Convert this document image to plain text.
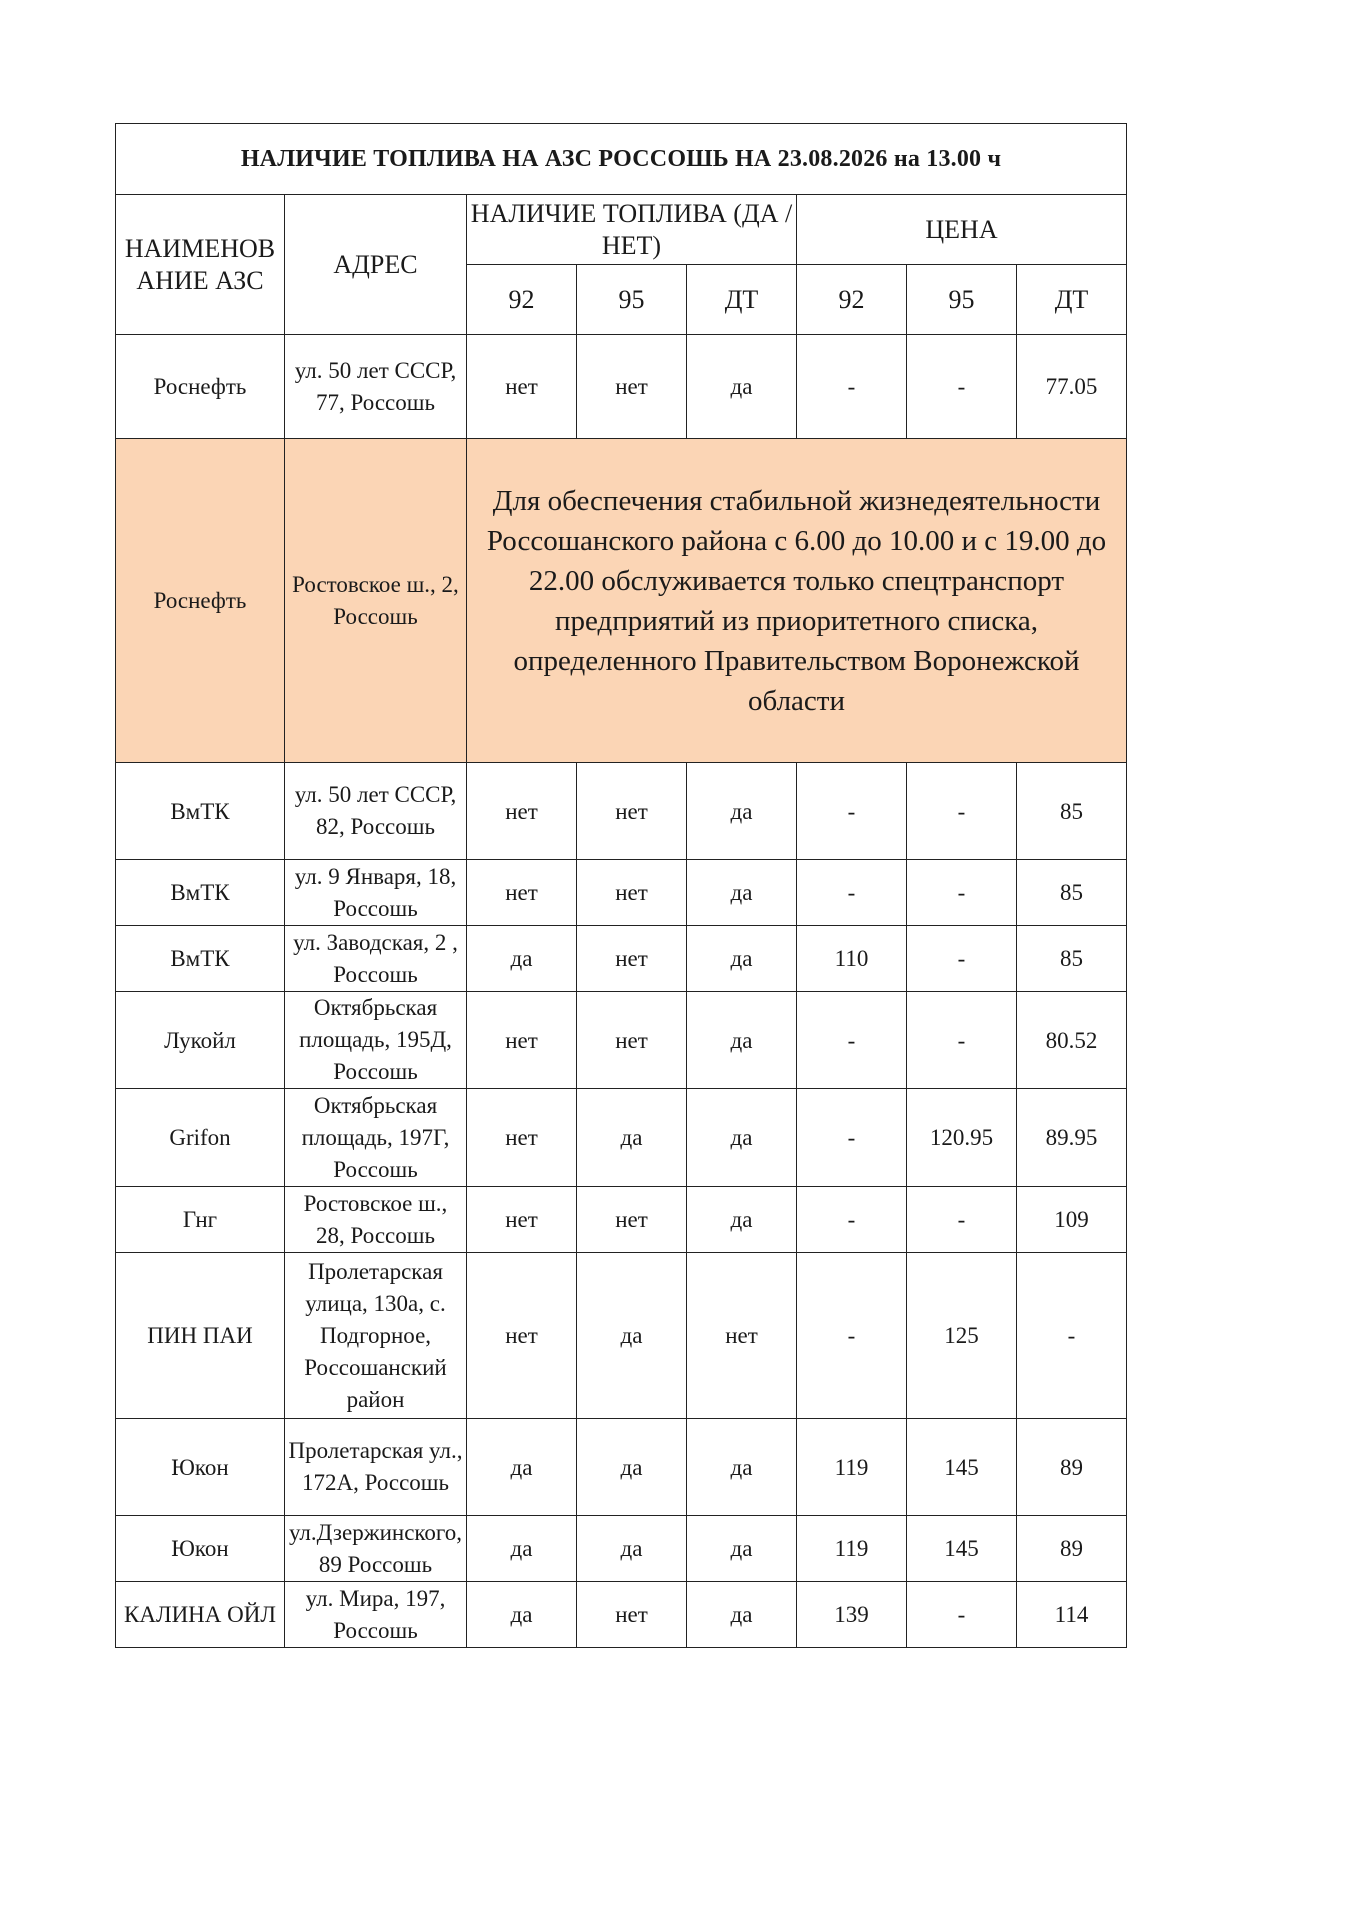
НАЛИЧИЕ ТОПЛИВА НА АЗС РОССОШЬ НА 23.08.2026 на 13.00 ч							
НАИМЕНОВАНИЕ АЗС	АДРЕС	НАЛИЧИЕ ТОПЛИВА (ДА / НЕТ)			ЦЕНА		
		92	95	ДТ	92	95	ДТ
Роснефть	ул. 50 лет СССР, 77, Россошь	нет	нет	да	-	-	77.05
Роснефть	Ростовское ш., 2, Россошь	Для обеспечения стабильной жизнедеятельности Россошанского района с 6.00 до 10.00 и с 19.00 до 22.00 обслуживается только спецтранспорт предприятий из приоритетного списка, определенного Правительством Воронежской области					
ВмТК	ул. 50 лет СССР, 82, Россошь	нет	нет	да	-	-	85
ВмТК	ул. 9 Января, 18, Россошь	нет	нет	да	-	-	85
ВмТК	ул. Заводская, 2 , Россошь	да	нет	да	110	-	85
Лукойл	Октябрьская площадь, 195Д, Россошь	нет	нет	да	-	-	80.52
Grifon	Октябрьская площадь, 197Г, Россошь	нет	да	да	-	120.95	89.95
Гнг	Ростовское ш., 28, Россошь	нет	нет	да	-	-	109
ПИН ПАИ	Пролетарская улица, 130а, с. Подгорное, Россошанский район	нет	да	нет	-	125	-
Юкон	Пролетарская ул., 172А, Россошь	да	да	да	119	145	89
Юкон	ул.Дзержинского, 89 Россошь	да	да	да	119	145	89
КАЛИНА ОЙЛ	ул. Мира, 197, Россошь	да	нет	да	139	-	114
